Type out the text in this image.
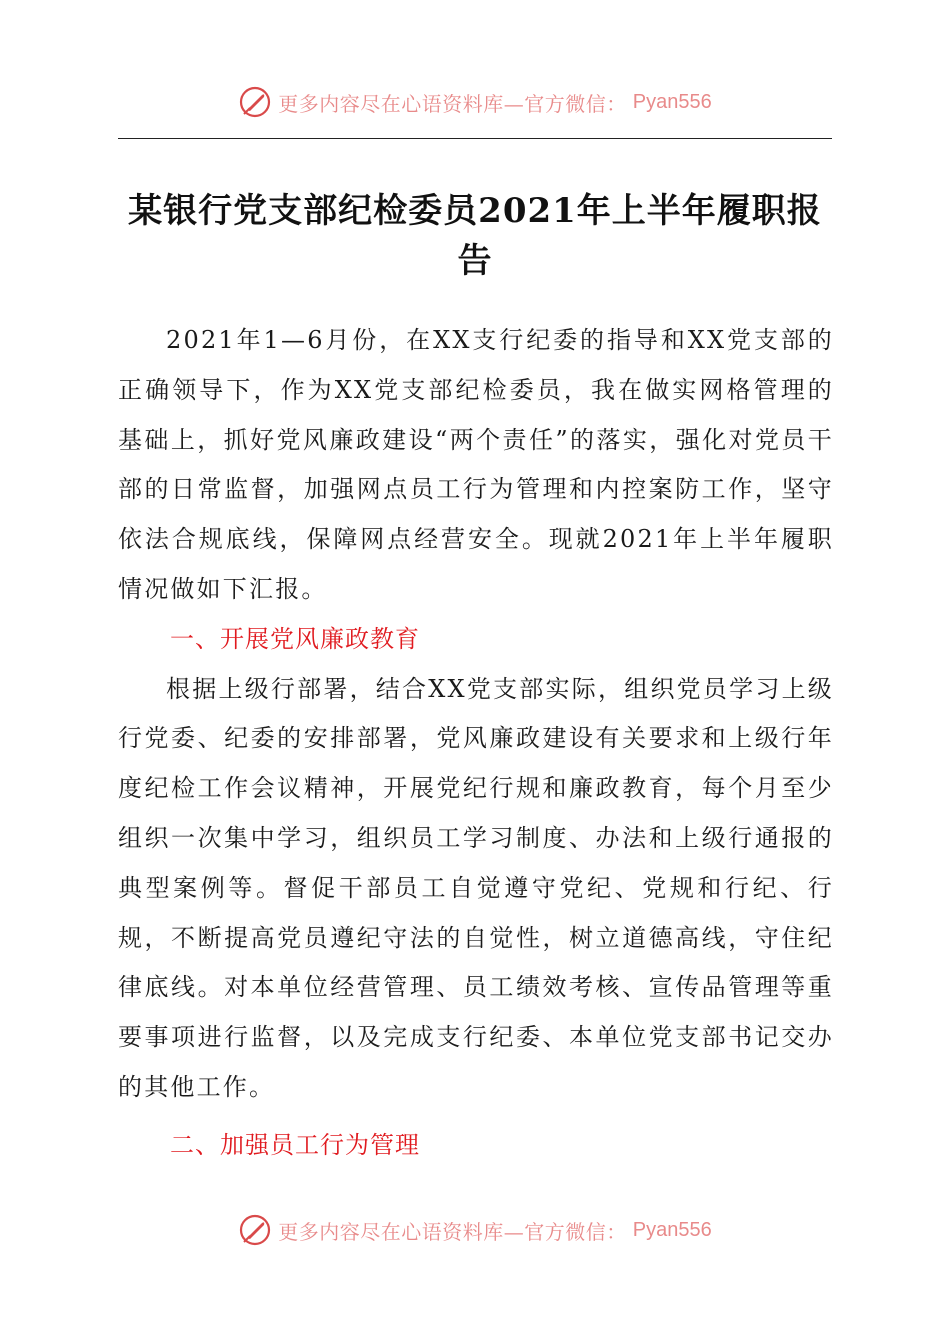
更多内容尽在心语资料库—官方微信： Pyan556
某银行党支部纪检委员2021年上半年履职报告

2021年1—6月份，在XX支行纪委的指导和XX党支部的正确领导下，作为XX党支部纪检委员，我在做实网格管理的基础上，抓好党风廉政建设“两个责任”的落实，强化对党员干部的日常监督，加强网点员工行为管理和内控案防工作，坚守依法合规底线，保障网点经营安全。现就2021年上半年履职情况做如下汇报。

一、开展党风廉政教育

根据上级行部署，结合XX党支部实际，组织党员学习上级行党委、纪委的安排部署，党风廉政建设有关要求和上级行年度纪检工作会议精神，开展党纪行规和廉政教育，每个月至少组织一次集中学习，组织员工学习制度、办法和上级行通报的典型案例等。督促干部员工自觉遵守党纪、党规和行纪、行规，不断提高党员遵纪守法的自觉性，树立道德高线，守住纪律底线。对本单位经营管理、员工绩效考核、宣传品管理等重要事项进行监督，以及完成支行纪委、本单位党支部书记交办的其他工作。

二、加强员工行为管理

更多内容尽在心语资料库—官方微信： Pyan556
